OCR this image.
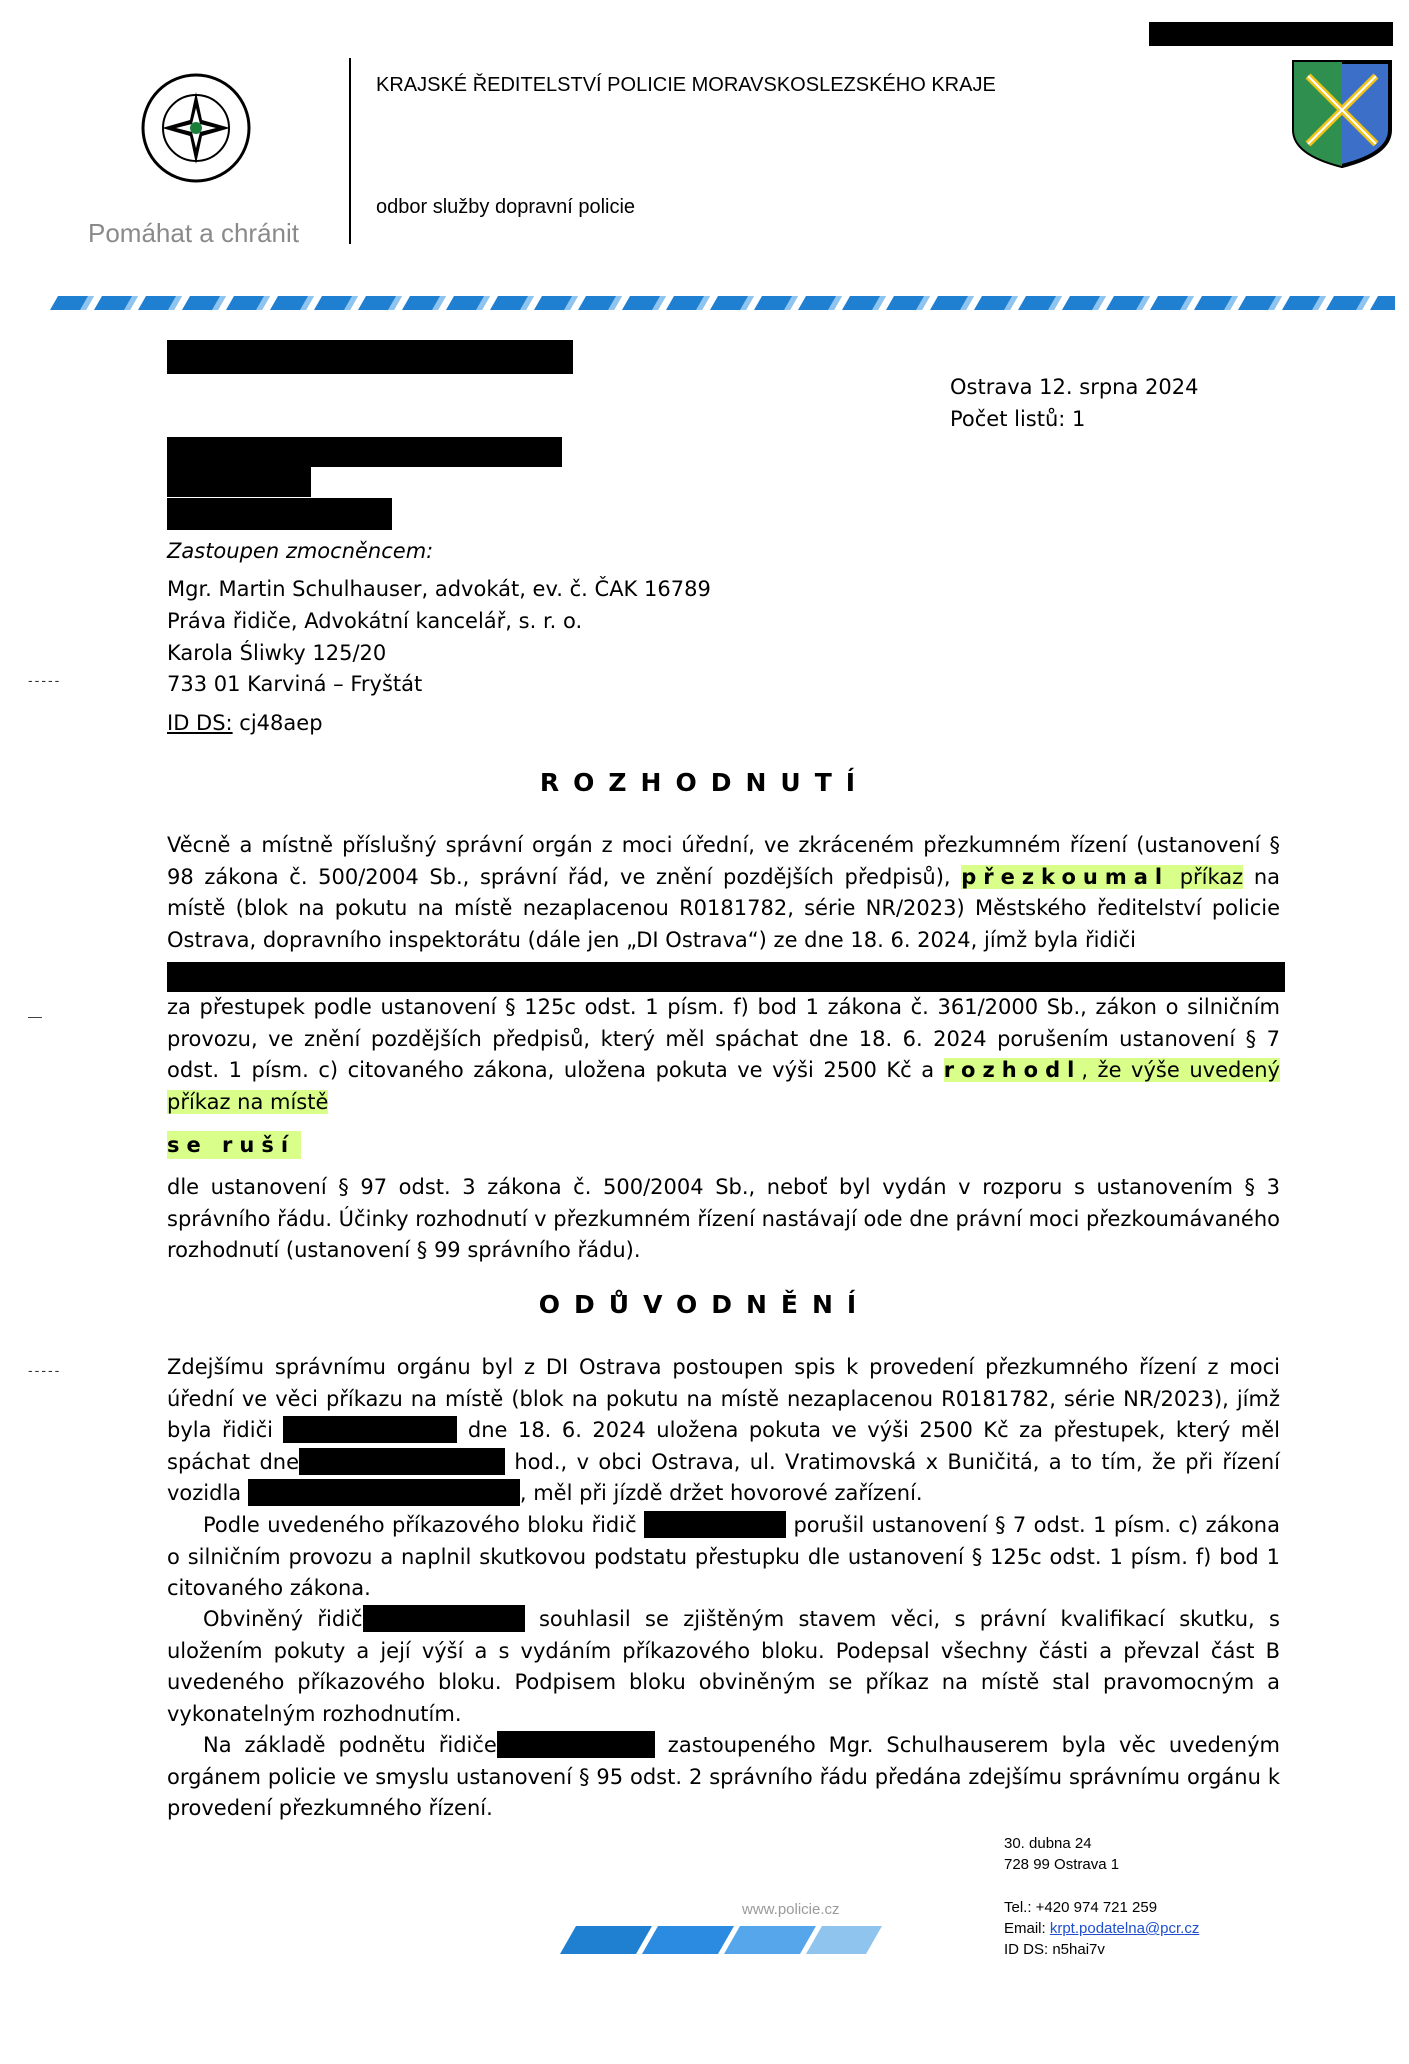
Pomáhat a chránit
KRAJSKÉ ŘEDITELSTVÍ POLICIE MORAVSKOSLEZSKÉHO KRAJE
odbor služby dopravní policie
Ostrava 12. srpna 2024
Počet listů: 1
Zastoupen zmocněncem:
Mgr. Martin Schulhauser, advokát, ev. č. ČAK 16789
Práva řidiče, Advokátní kancelář, s. r. o.
Karola Śliwky 125/20
733 01 Karviná – Fryštát
ID DS: cj48aep
-----
—
-----
ROZHODNUTÍ
Věcně a místně příslušný správní orgán z moci úřední, ve zkráceném přezkumném řízení (ustanovení § 98 zákona č. 500/2004 Sb., správní řád, ve znění pozdějších předpisů), přezkoumal příkaz na místě (blok na pokutu na místě nezaplacenou R0181782, série NR/2023) Městského ředitelství policie Ostrava, dopravního inspektorátu (dále jen „DI Ostrava“) ze dne 18. 6. 2024, jímž byla řidiči
za přestupek podle ustanovení § 125c odst. 1 písm. f) bod 1 zákona č. 361/2000 Sb., zákon o silničním provozu, ve znění pozdějších předpisů, který měl spáchat dne 18. 6. 2024 porušením ustanovení § 7 odst. 1 písm. c) citovaného zákona, uložena pokuta ve výši 2500 Kč a rozhodl, že výše uvedený příkaz na místě
se ruší
dle ustanovení § 97 odst. 3 zákona č. 500/2004 Sb., neboť byl vydán v rozporu s ustanovením § 3 správního řádu. Účinky rozhodnutí v přezkumném řízení nastávají ode dne právní moci přezkoumávaného rozhodnutí (ustanovení § 99 správního řádu).
ODŮVODNĚNÍ
Zdejšímu správnímu orgánu byl z DI Ostrava postoupen spis k provedení přezkumného řízení z moci úřední ve věci příkazu na místě (blok na pokutu na místě nezaplacenou R0181782, série NR/2023), jímž byla řidiči	dne 18. 6. 2024 uložena pokuta ve výši 2500 Kč za přestupek, který měl spáchat dne	hod., v obci Ostrava, ul. Vratimovská x Buničitá, a to tím, že při řízení vozidla	, měl při jízdě držet hovorové zařízení.
Podle uvedeného příkazového bloku řidič	porušil ustanovení § 7 odst. 1 písm. c) zákona o silničním provozu a naplnil skutkovou podstatu přestupku dle ustanovení § 125c odst. 1 písm. f) bod 1 citovaného zákona.
Obviněný řidič	souhlasil se zjištěným stavem věci, s právní kvalifikací skutku, s uložením pokuty a její výší a s vydáním příkazového bloku. Podepsal všechny části a převzal část B uvedeného příkazového bloku. Podpisem bloku obviněným se příkaz na místě stal pravomocným a vykonatelným rozhodnutím.
Na základě podnětu řidiče	zastoupeného Mgr. Schulhauserem byla věc uvedeným orgánem policie ve smyslu ustanovení § 95 odst. 2 správního řádu předána zdejšímu správnímu orgánu k provedení přezkumného řízení.
www.policie.cz
30. dubna 24
728 99 Ostrava 1
Tel.: +420 974 721 259
Email: krpt.podatelna@pcr.cz
ID DS: n5hai7v
